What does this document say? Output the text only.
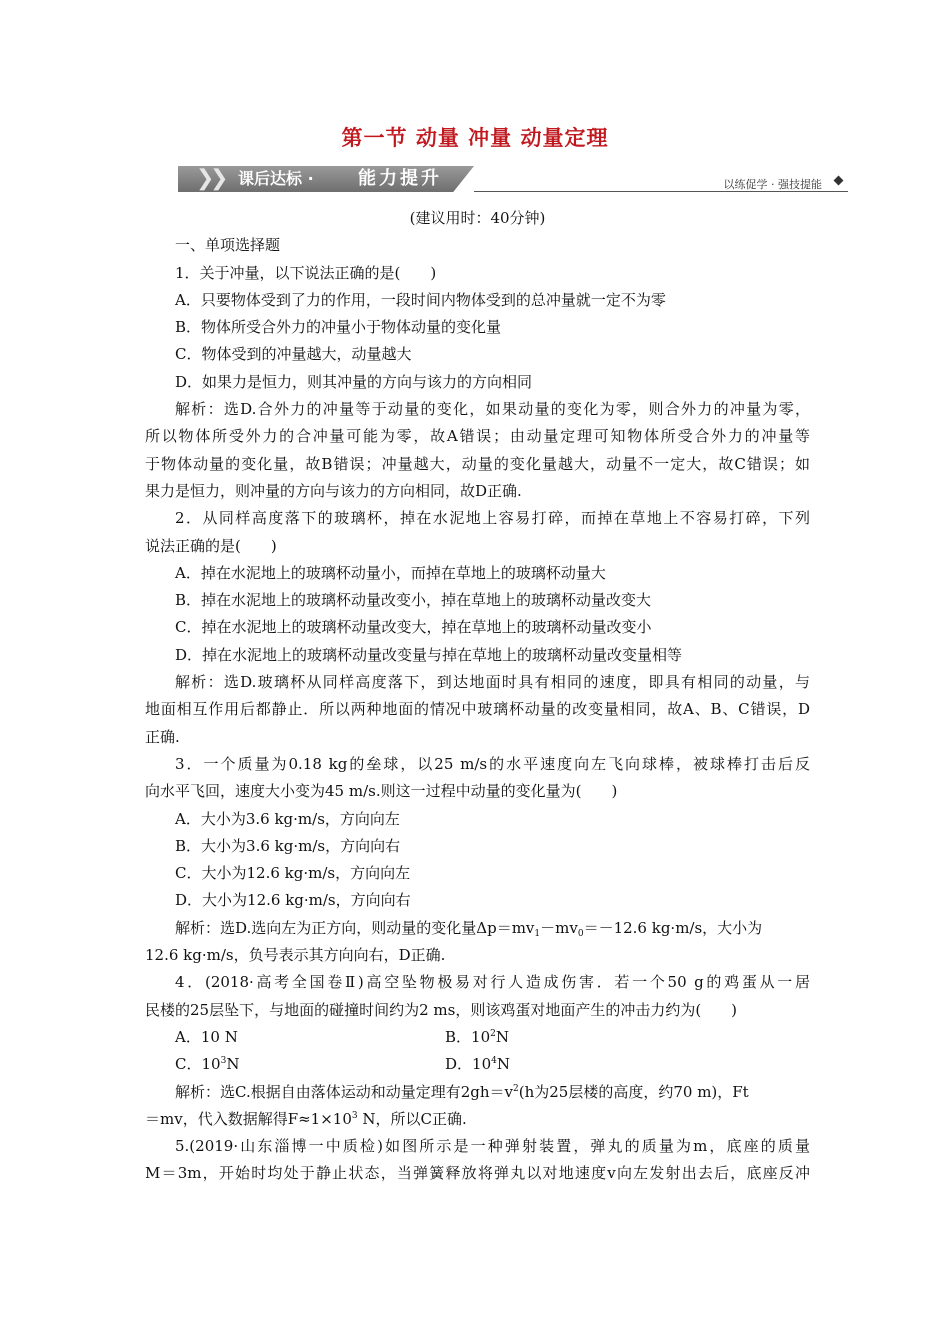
第一节 动量 冲量 动量定理
❯
❯ 课后达标 · 能力提升	以练促学 · 强技提能
(建议用时：40分钟)
一、单项选择题
1．关于冲量，以下说法正确的是(　　)
A．只要物体受到了力的作用，一段时间内物体受到的总冲量就一定不为零
B．物体所受合外力的冲量小于物体动量的变化量
C．物体受到的冲量越大，动量越大
D．如果力是恒力，则其冲量的方向与该力的方向相同
解析：选D.合外力的冲量等于动量的变化，如果动量的变化为零，则合外力的冲量为零，
所以物体所受外力的合冲量可能为零，故A错误；由动量定理可知物体所受合外力的冲量等
于物体动量的变化量，故B错误；冲量越大，动量的变化量越大，动量不一定大，故C错误；如
果力是恒力，则冲量的方向与该力的方向相同，故D正确.
2．从同样高度落下的玻璃杯，掉在水泥地上容易打碎，而掉在草地上不容易打碎，下列
说法正确的是(　　)
A．掉在水泥地上的玻璃杯动量小，而掉在草地上的玻璃杯动量大
B．掉在水泥地上的玻璃杯动量改变小，掉在草地上的玻璃杯动量改变大
C．掉在水泥地上的玻璃杯动量改变大，掉在草地上的玻璃杯动量改变小
D．掉在水泥地上的玻璃杯动量改变量与掉在草地上的玻璃杯动量改变量相等
解析：选D.玻璃杯从同样高度落下，到达地面时具有相同的速度，即具有相同的动量，与
地面相互作用后都静止．所以两种地面的情况中玻璃杯动量的改变量相同，故A、B、C错误，D
正确.
3．一个质量为0.18 kg的垒球，以25 m/s的水平速度向左飞向球棒，被球棒打击后反
向水平飞回，速度大小变为45 m/s.则这一过程中动量的变化量为(　　)
A．大小为3.6 kg·m/s，方向向左
B．大小为3.6 kg·m/s，方向向右
C．大小为12.6 kg·m/s，方向向左
D．大小为12.6 kg·m/s，方向向右
解析：选D.选向左为正方向，则动量的变化量$\Delta p=mv_1-mv_0=-12.6$ kg·m/s，大小为
12.6 kg·m/s，负号表示其方向向右，D正确.
4．(2018·高考全国卷Ⅱ)高空坠物极易对行人造成伤害．若一个50 g的鸡蛋从一居
民楼的25层坠下，与地面的碰撞时间约为2 ms，则该鸡蛋对地面产生的冲击力约为(　　)
A．10 N	B．$10^2N$
C．$10^3N$	D．$10^4N$
解析：选C.根据自由落体运动和动量定理有$2gh=v^2(h$为25层楼的高度，约70 m)，Ft
＝mv，代入数据解得$F\approx 1\times 10^3$ N，所以C正确.
5.(2019·山东淄博一中质检)如图所示是一种弹射装置，弹丸的质量为m，底座的质量
M＝3m，开始时均处于静止状态，当弹簧释放将弹丸以对地速度v向左发射出去后，底座反冲
